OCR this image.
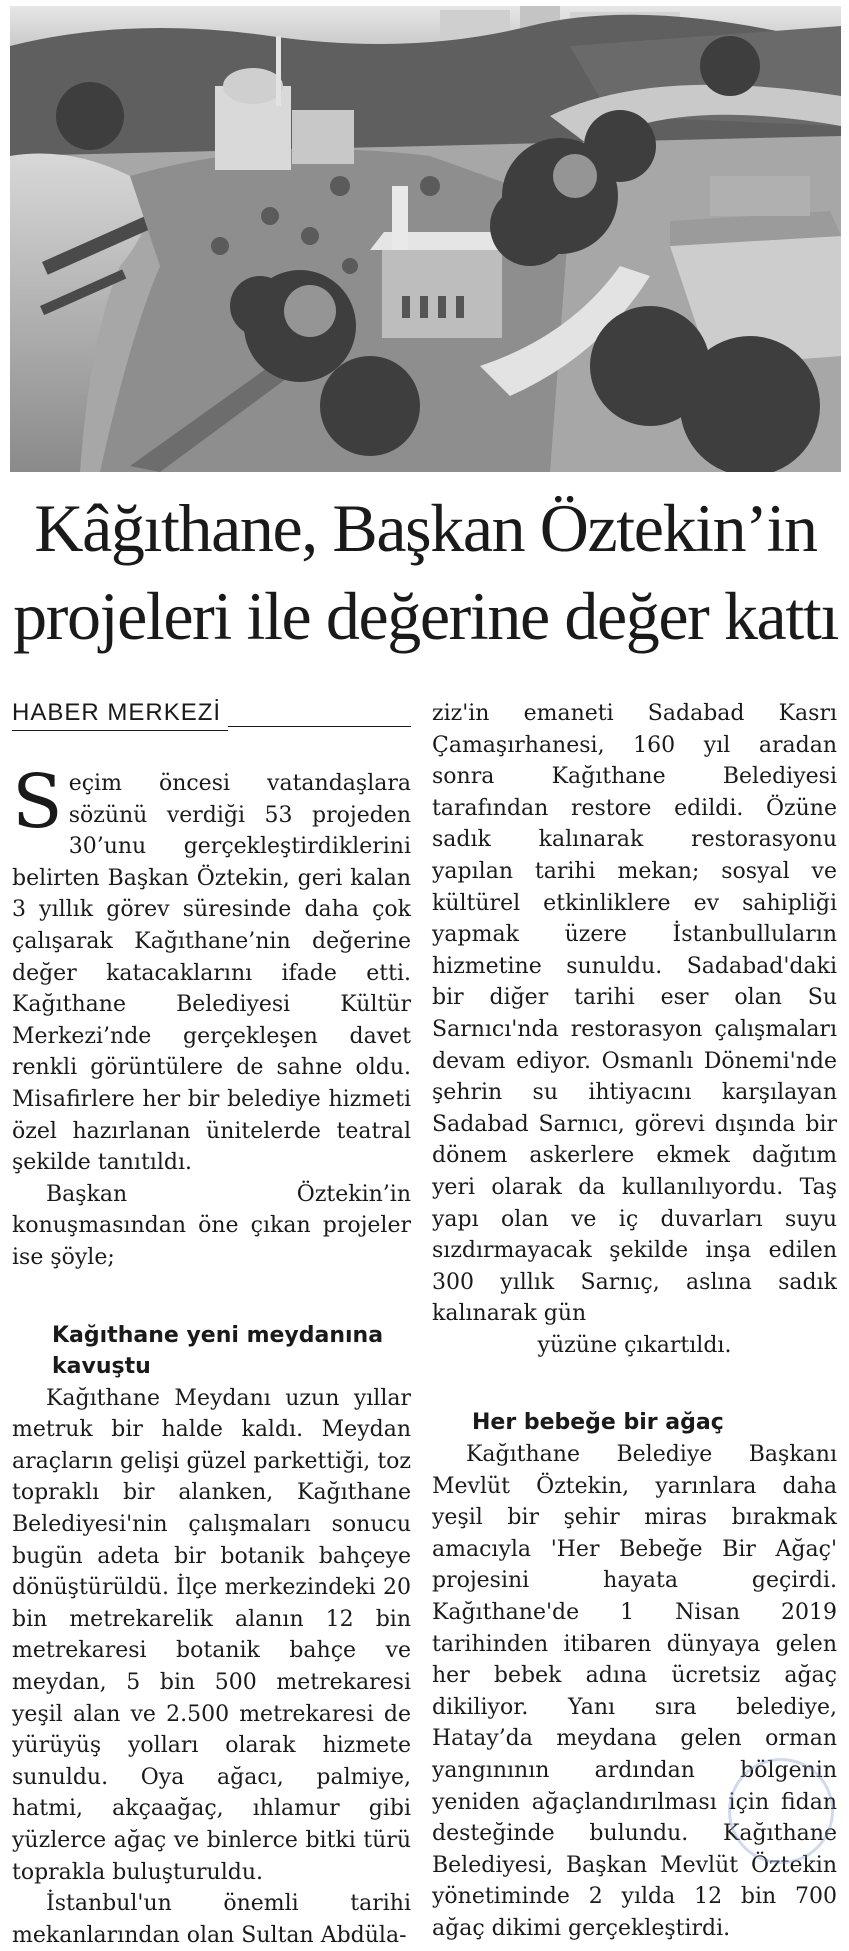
Kâğıthane, Başkan Öztekin’in
projeleri ile değerine değer kattı
HABER MERKEZİ

Seçim öncesi vatandaşlara sözünü verdiği 53 projeden 30’unu gerçekleştirdiklerini belirten Başkan Öztekin, geri kalan 3 yıllık görev süresinde daha çok çalışarak Kağıthane’nin değerine değer katacaklarını ifade etti. Kağıthane Belediyesi Kültür Merkezi’nde gerçekleşen davet renkli görüntülere de sahne oldu. Misafirlere her bir belediye hizmeti özel hazırlanan ünitelerde teatral şekilde tanıtıldı.

Başkan Öztekin’in konuşmasından öne çıkan projeler ise şöyle;

Kağıthane yeni meydanına kavuştu

Kağıthane Meydanı uzun yıllar metruk bir halde kaldı. Meydan araçların gelişi güzel parkettiği, toz topraklı bir alanken, Kağıthane Belediyesi'nin çalışmaları sonucu bugün adeta bir botanik bahçeye dönüştürüldü. İlçe merkezindeki 20 bin metrekarelik alanın 12 bin metrekaresi botanik bahçe ve meydan, 5 bin 500 metrekaresi yeşil alan ve 2.500 metrekaresi de yürüyüş yolları olarak hizmete sunuldu. Oya ağacı, palmiye, hatmi, akçaağaç, ıhlamur gibi yüzlerce ağaç ve binlerce bitki türü toprakla buluşturuldu.

İstanbul'un önemli tarihi mekanlarından olan Sultan Abdüla-

ziz'in emaneti Sadabad Kasrı Çamaşırhanesi, 160 yıl aradan sonra Kağıthane Belediyesi tarafından restore edildi. Özüne sadık kalınarak restorasyonu yapılan tarihi mekan; sosyal ve kültürel etkinliklere ev sahipliği yapmak üzere İstanbulluların hizmetine sunuldu. Sadabad'daki bir diğer tarihi eser olan Su Sarnıcı'nda restorasyon çalışmaları devam ediyor. Osmanlı Dönemi'nde şehrin su ihtiyacını karşılayan Sadabad Sarnıcı, görevi dışında bir dönem askerlere ekmek dağıtım yeri olarak da kullanılıyordu. Taş yapı olan ve iç duvarları suyu sızdırmayacak şekilde inşa edilen 300 yıllık Sarnıç, aslına sadık kalınarak gün

yüzüne çıkartıldı.

Her bebeğe bir ağaç

Kağıthane Belediye Başkanı Mevlüt Öztekin, yarınlara daha yeşil bir şehir miras bırakmak amacıyla 'Her Bebeğe Bir Ağaç' projesini hayata geçirdi. Kağıthane'de 1 Nisan 2019 tarihinden itibaren dünyaya gelen her bebek adına ücretsiz ağaç dikiliyor. Yanı sıra belediye, Hatay’da meydana gelen orman yangınının ardından bölgenin yeniden ağaçlandırılması için fidan desteğinde bulundu. Kağıthane Belediyesi, Başkan Mevlüt Öztekin yönetiminde 2 yılda 12 bin 700 ağaç dikimi gerçekleştirdi.
